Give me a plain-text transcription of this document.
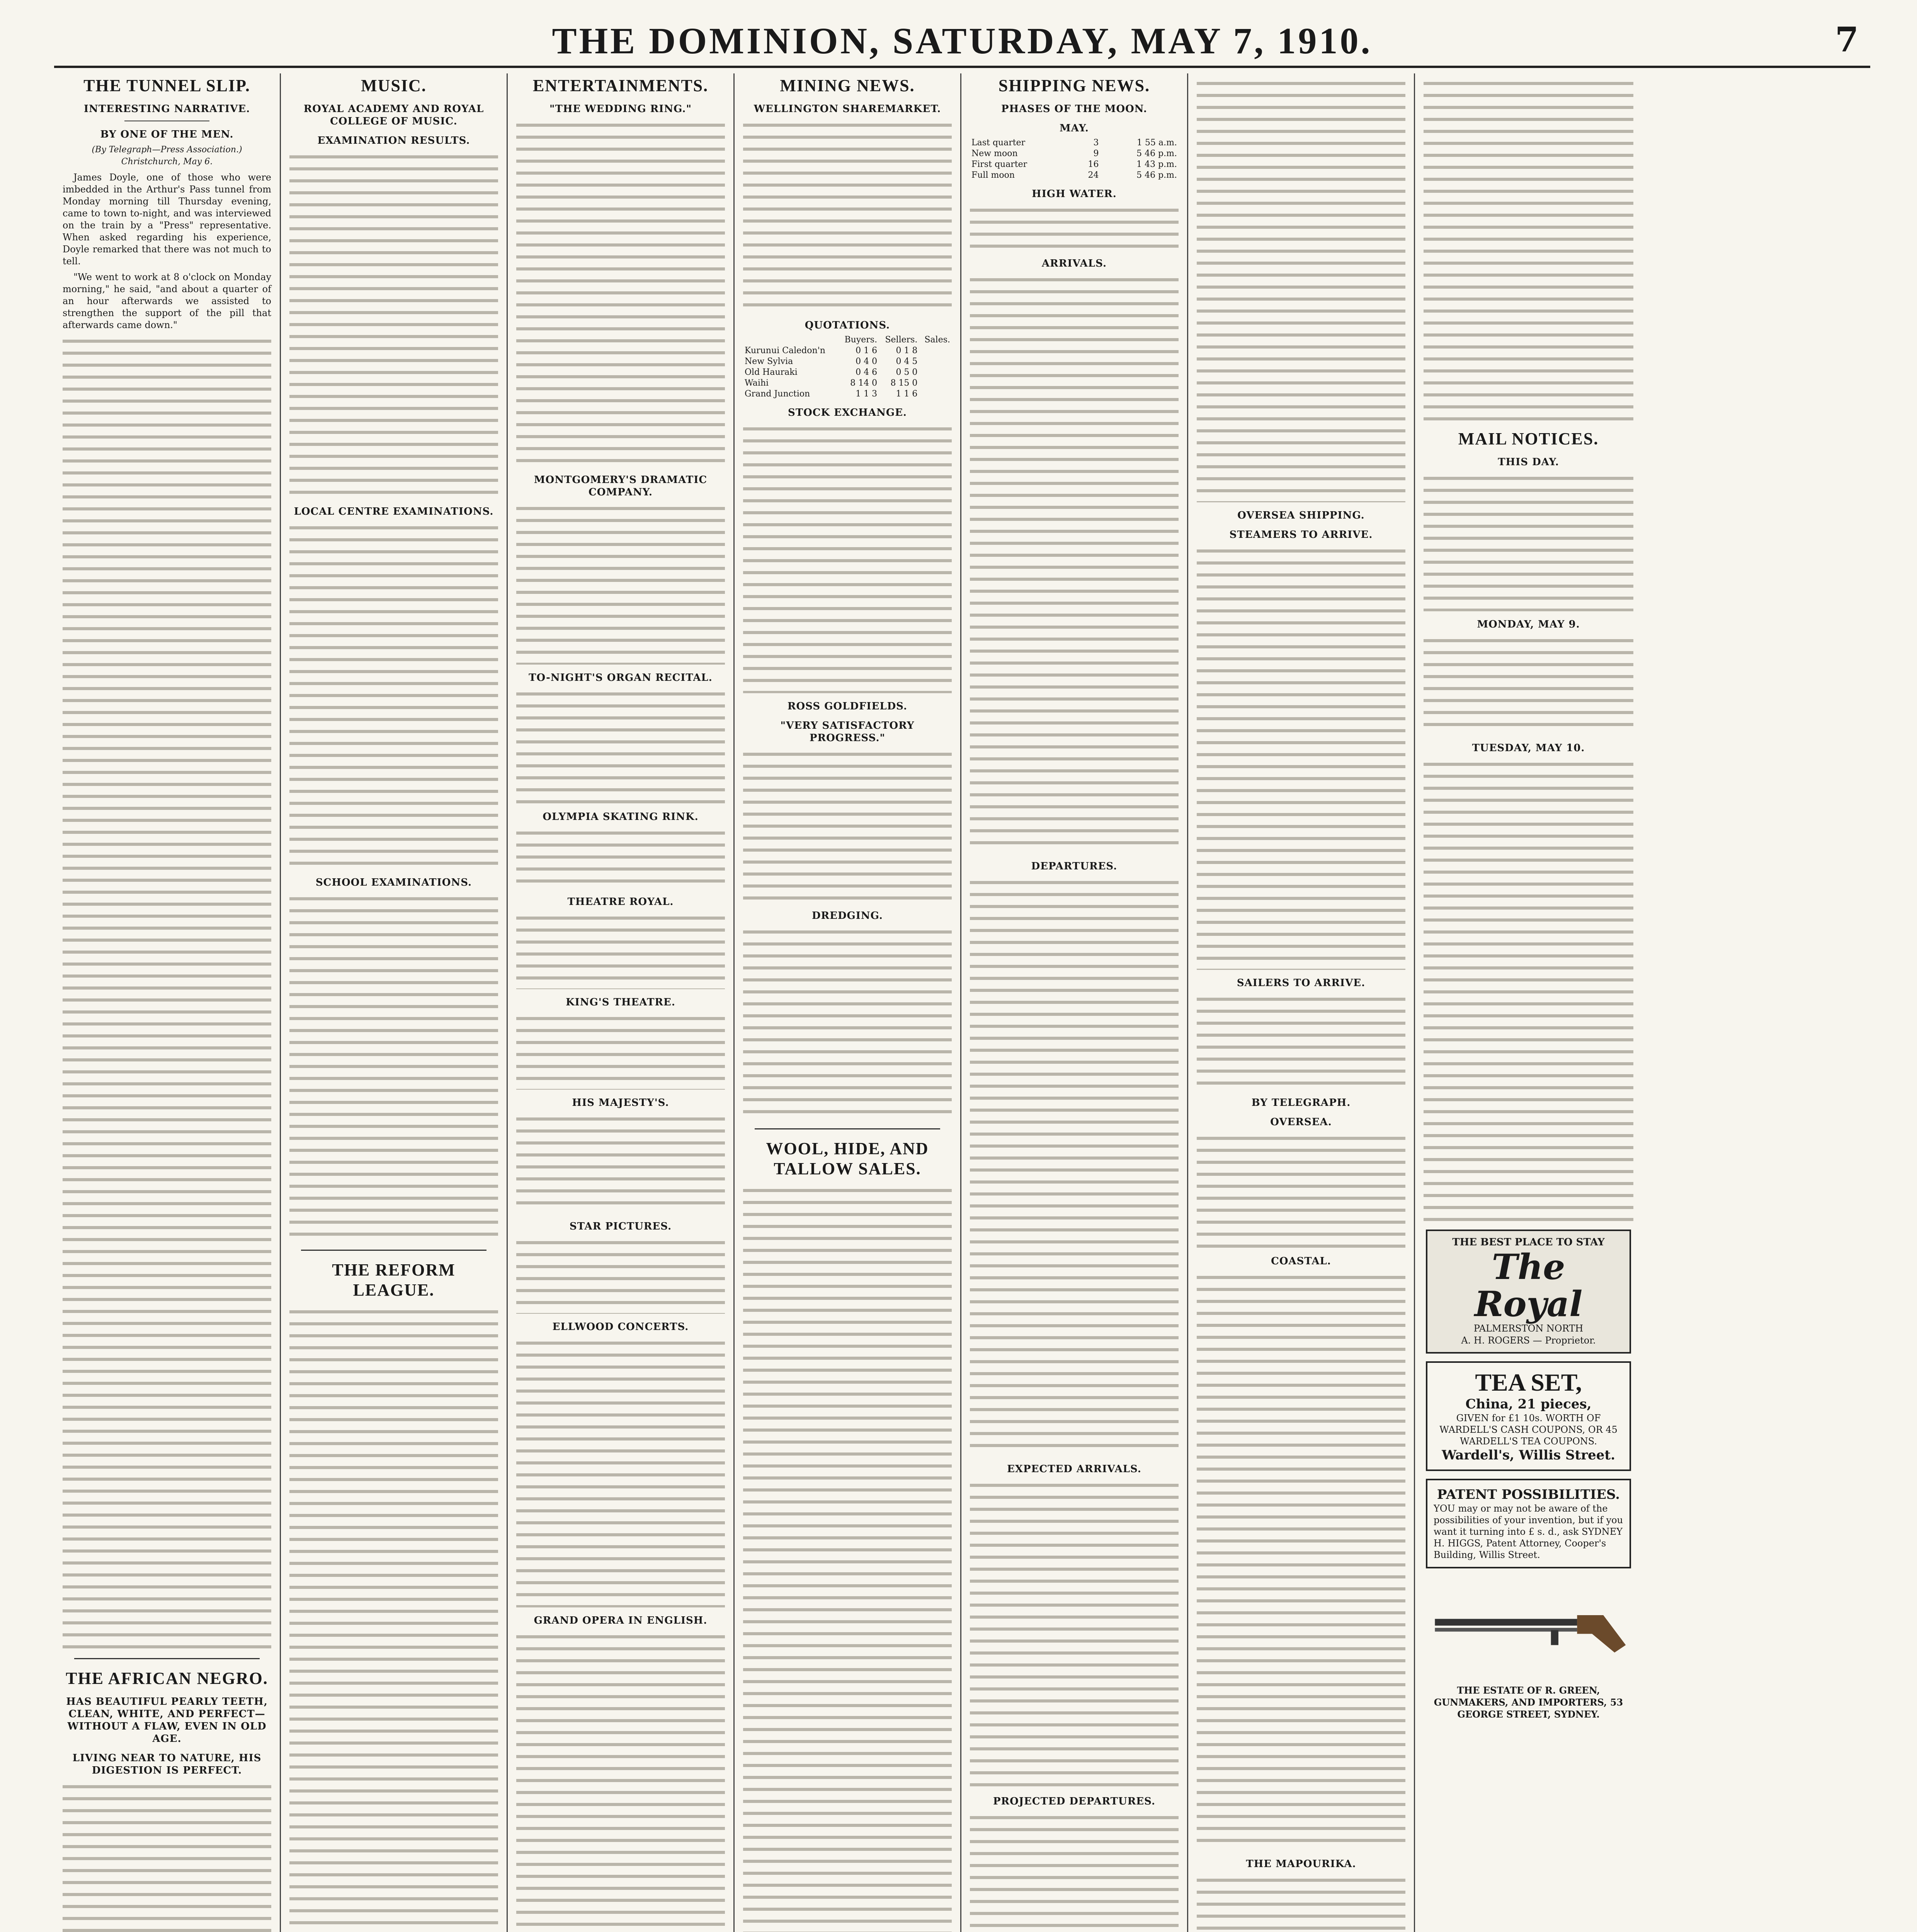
THE DOMINION, SATURDAY, MAY 7, 1910.	7
THE TUNNEL SLIP.
INTERESTING NARRATIVE.
BY ONE OF THE MEN.
(By Telegraph—Press Association.) Christchurch, May 6.

James Doyle, one of those who were imbedded in the Arthur's Pass tunnel from Monday morning till Thursday evening, came to town to-night, and was interviewed on the train by a "Press" representative. When asked regarding his experience, Doyle remarked that there was not much to tell.

"We went to work at 8 o'clock on Monday morning," he said, "and about a quarter of an hour afterwards we assisted to strengthen the support of the pill that afterwards came down."

THE AFRICAN NEGRO.
HAS BEAUTIFUL PEARLY TEETH, CLEAN, WHITE, AND PERFECT—WITHOUT A FLAW, EVEN IN OLD AGE.
LIVING NEAR TO NATURE, HIS DIGESTION IS PERFECT.
MUSIC.
ROYAL ACADEMY AND ROYAL COLLEGE OF MUSIC.
EXAMINATION RESULTS.
LOCAL CENTRE EXAMINATIONS.
SCHOOL EXAMINATIONS.
THE REFORM LEAGUE.
ENTERTAINMENTS.
"THE WEDDING RING."
MONTGOMERY'S DRAMATIC COMPANY.
TO-NIGHT'S ORGAN RECITAL.
OLYMPIA SKATING RINK.
THEATRE ROYAL.
KING'S THEATRE.
HIS MAJESTY'S.
STAR PICTURES.
ELLWOOD CONCERTS.
GRAND OPERA IN ENGLISH.
MINING NEWS.
WELLINGTON SHAREMARKET.
QUOTATIONS.
	Buyers.	Sellers.	Sales.
Kurunui Caledon'n	0 1 6	0 1 8	
New Sylvia	0 4 0	0 4 5	
Old Hauraki	0 4 6	0 5 0	
Waihi	8 14 0	8 15 0	
Grand Junction	1 1 3	1 1 6	
STOCK EXCHANGE.
ROSS GOLDFIELDS.
"VERY SATISFACTORY PROGRESS."
DREDGING.
WOOL, HIDE, AND TALLOW SALES.
SHIPPING NEWS.
PHASES OF THE MOON.
MAY.
Last quarter	3	1 55 a.m.
New moon	9	5 46 p.m.
First quarter	16	1 43 p.m.
Full moon	24	5 46 p.m.
HIGH WATER.
ARRIVALS.
DEPARTURES.
EXPECTED ARRIVALS.
PROJECTED DEPARTURES.
OVERSEA SHIPPING.
STEAMERS TO ARRIVE.
SAILERS TO ARRIVE.
BY TELEGRAPH.
OVERSEA.
COASTAL.
THE MAPOURIKA.
MAIL NOTICES.
THIS DAY.
MONDAY, MAY 9.
TUESDAY, MAY 10.
THE BEST PLACE TO STAY
The Royal
PALMERSTON NORTH
A. H. ROGERS — Proprietor.
TEA SET,
China, 21 pieces,
GIVEN for £1 10s. WORTH OF WARDELL'S CASH COUPONS, OR 45 WARDELL'S TEA COUPONS.
Wardell's, Willis Street.
PATENT POSSIBILITIES.
YOU may or may not be aware of the possibilities of your invention, but if you want it turning into £ s. d., ask SYDNEY H. HIGGS, Patent Attorney, Cooper's Building, Willis Street.
THE ESTATE OF R. GREEN, GUNMAKERS, AND IMPORTERS, 53 GEORGE STREET, SYDNEY.
